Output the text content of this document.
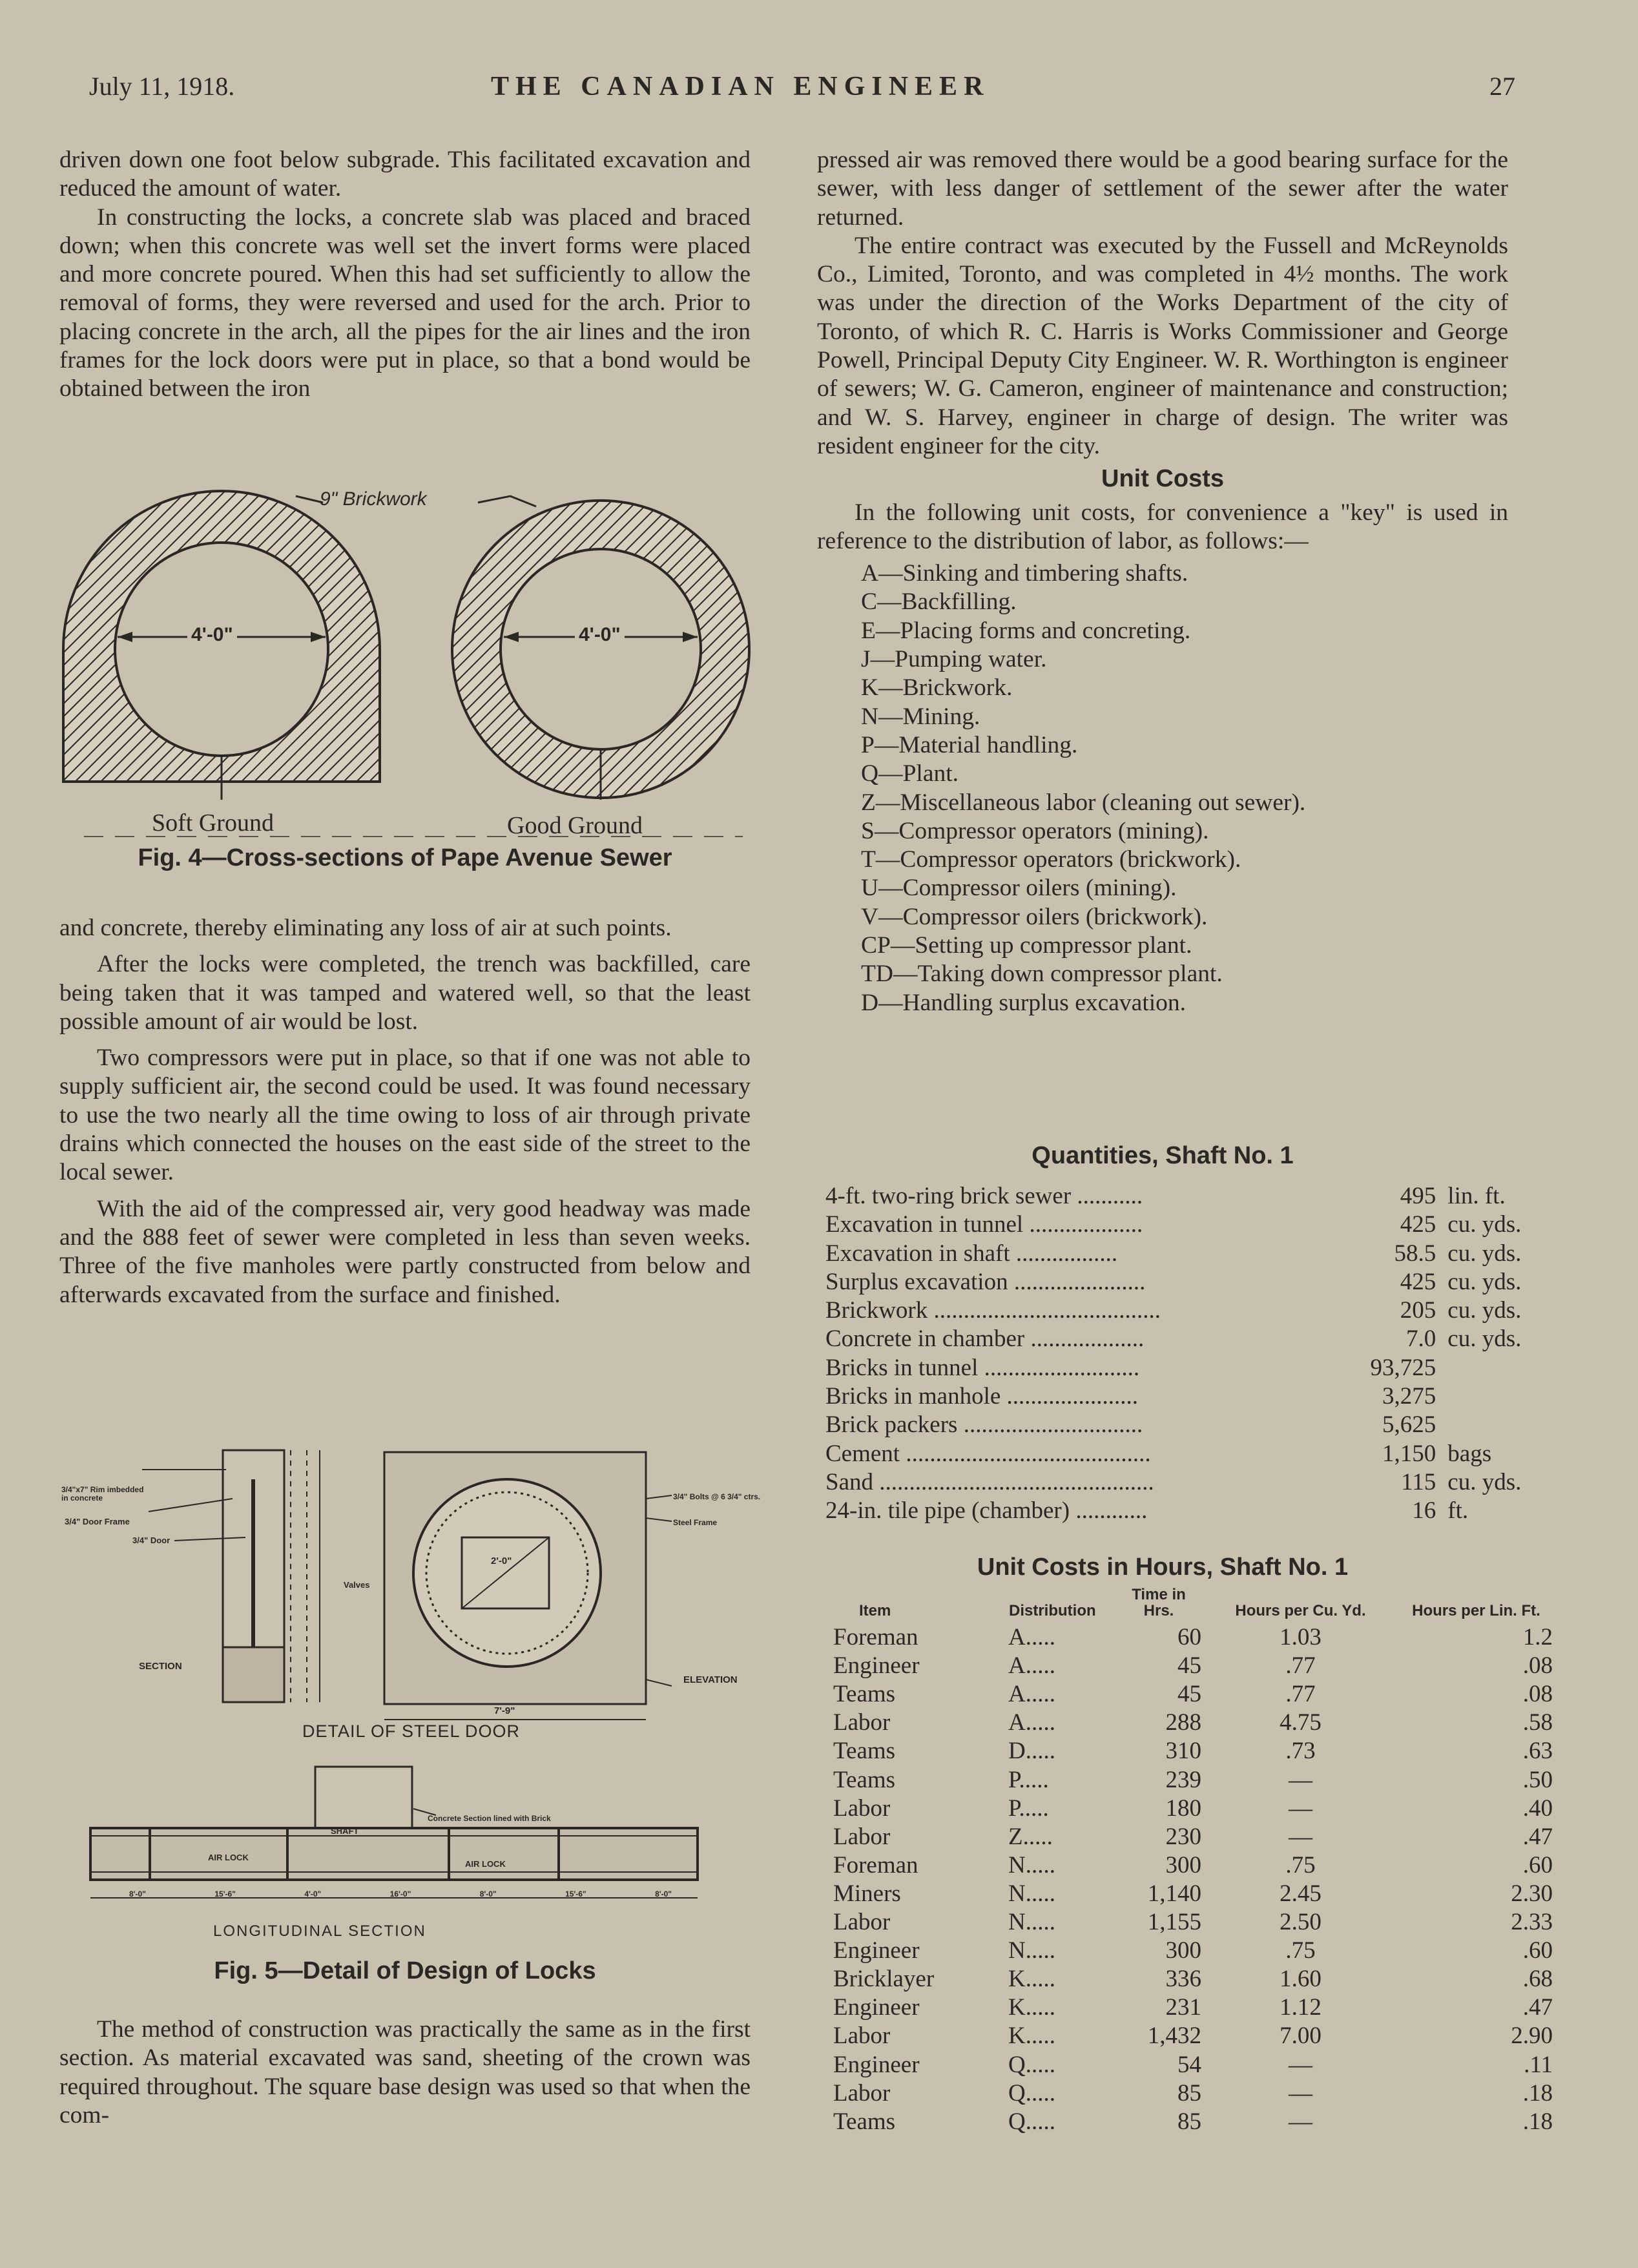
July 11, 1918.	THE CANADIAN ENGINEER	27

driven down one foot below subgrade. This facilitated excavation and reduced the amount of water.

In constructing the locks, a concrete slab was placed and braced down; when this concrete was well set the invert forms were placed and more concrete poured. When this had set sufficiently to allow the removal of forms, they were reversed and used for the arch. Prior to placing concrete in the arch, all the pipes for the air lines and the iron frames for the lock doors were put in place, so that a bond would be obtained between the iron

9" Brickwork
4'-0"	4'-0"
Soft Ground	Good Ground
Fig. 4—Cross-sections of Pape Avenue Sewer

and concrete, thereby eliminating any loss of air at such points.

After the locks were completed, the trench was backfilled, care being taken that it was tamped and watered well, so that the least possible amount of air would be lost.

Two compressors were put in place, so that if one was not able to supply sufficient air, the second could be used. It was found necessary to use the two nearly all the time owing to loss of air through private drains which connected the houses on the east side of the street to the local sewer.

With the aid of the compressed air, very good headway was made and the 888 feet of sewer were completed in less than seven weeks. Three of the five manholes were partly constructed from below and afterwards excavated from the surface and finished.

3/4"x7" Rim imbedded in concrete
3/4" Door Frame
3/4" Door
Valves
SECTION
ELEVATION
3/4" Bolts @ 6 3/4" ctrs.
Steel Frame
2'-0"
7'-9"
DETAIL OF STEEL DOOR
SHAFT
Concrete Section lined with Brick
AIR LOCK
AIR LOCK
8'-0"	15'-6"	4'-0"	16'-0"	8'-0"	15'-6"	8'-0"
LONGITUDINAL SECTION
Fig. 5—Detail of Design of Locks

The method of construction was practically the same as in the first section. As material excavated was sand, sheeting of the crown was required throughout. The square base design was used so that when the com-

pressed air was removed there would be a good bearing surface for the sewer, with less danger of settlement of the sewer after the water returned.

The entire contract was executed by the Fussell and McReynolds Co., Limited, Toronto, and was completed in 4½ months. The work was under the direction of the Works Department of the city of Toronto, of which R. C. Harris is Works Commissioner and George Powell, Principal Deputy City Engineer. W. R. Worthington is engineer of sewers; W. G. Cameron, engineer of maintenance and construction; and W. S. Harvey, engineer in charge of design. The writer was resident engineer for the city.

Unit Costs

In the following unit costs, for convenience a "key" is used in reference to the distribution of labor, as follows:—

A—Sinking and timbering shafts.
C—Backfilling.
E—Placing forms and concreting.
J—Pumping water.
K—Brickwork.
N—Mining.
P—Material handling.
Q—Plant.
Z—Miscellaneous labor (cleaning out sewer).
S—Compressor operators (mining).
T—Compressor operators (brickwork).
U—Compressor oilers (mining).
V—Compressor oilers (brickwork).
CP—Setting up compressor plant.
TD—Taking down compressor plant.
D—Handling surplus excavation.
Quantities, Shaft No. 1
4-ft. two-ring brick sewer ...........	495 lin. ft.
Excavation in tunnel ...................	425 cu. yds.
Excavation in shaft .................	58.5 cu. yds.
Surplus excavation ......................	425 cu. yds.
Brickwork ......................................	205 cu. yds.
Concrete in chamber ...................	7.0 cu. yds.
Bricks in tunnel ..........................	93,725
Bricks in manhole ......................	3,275
Brick packers ..............................	5,625
Cement .........................................	1,150 bags
Sand ..............................................	115 cu. yds.
24-in. tile pipe (chamber) ............	16 ft.
Unit Costs in Hours, Shaft No. 1
Item	Distribution	Time in Hrs.	Hours per Cu. Yd.	Hours per Lin. Ft.
Foreman	A.....	60	1.03	1.2
Engineer	A.....	45	.77	.08
Teams	A.....	45	.77	.08
Labor	A.....	288	4.75	.58
Teams	D.....	310	.73	.63
Teams	P.....	239	—	.50
Labor	P.....	180	—	.40
Labor	Z.....	230	—	.47
Foreman	N.....	300	.75	.60
Miners	N.....	1,140	2.45	2.30
Labor	N.....	1,155	2.50	2.33
Engineer	N.....	300	.75	.60
Bricklayer	K.....	336	1.60	.68
Engineer	K.....	231	1.12	.47
Labor	K.....	1,432	7.00	2.90
Engineer	Q.....	54	—	.11
Labor	Q.....	85	—	.18
Teams	Q.....	85	—	.18
